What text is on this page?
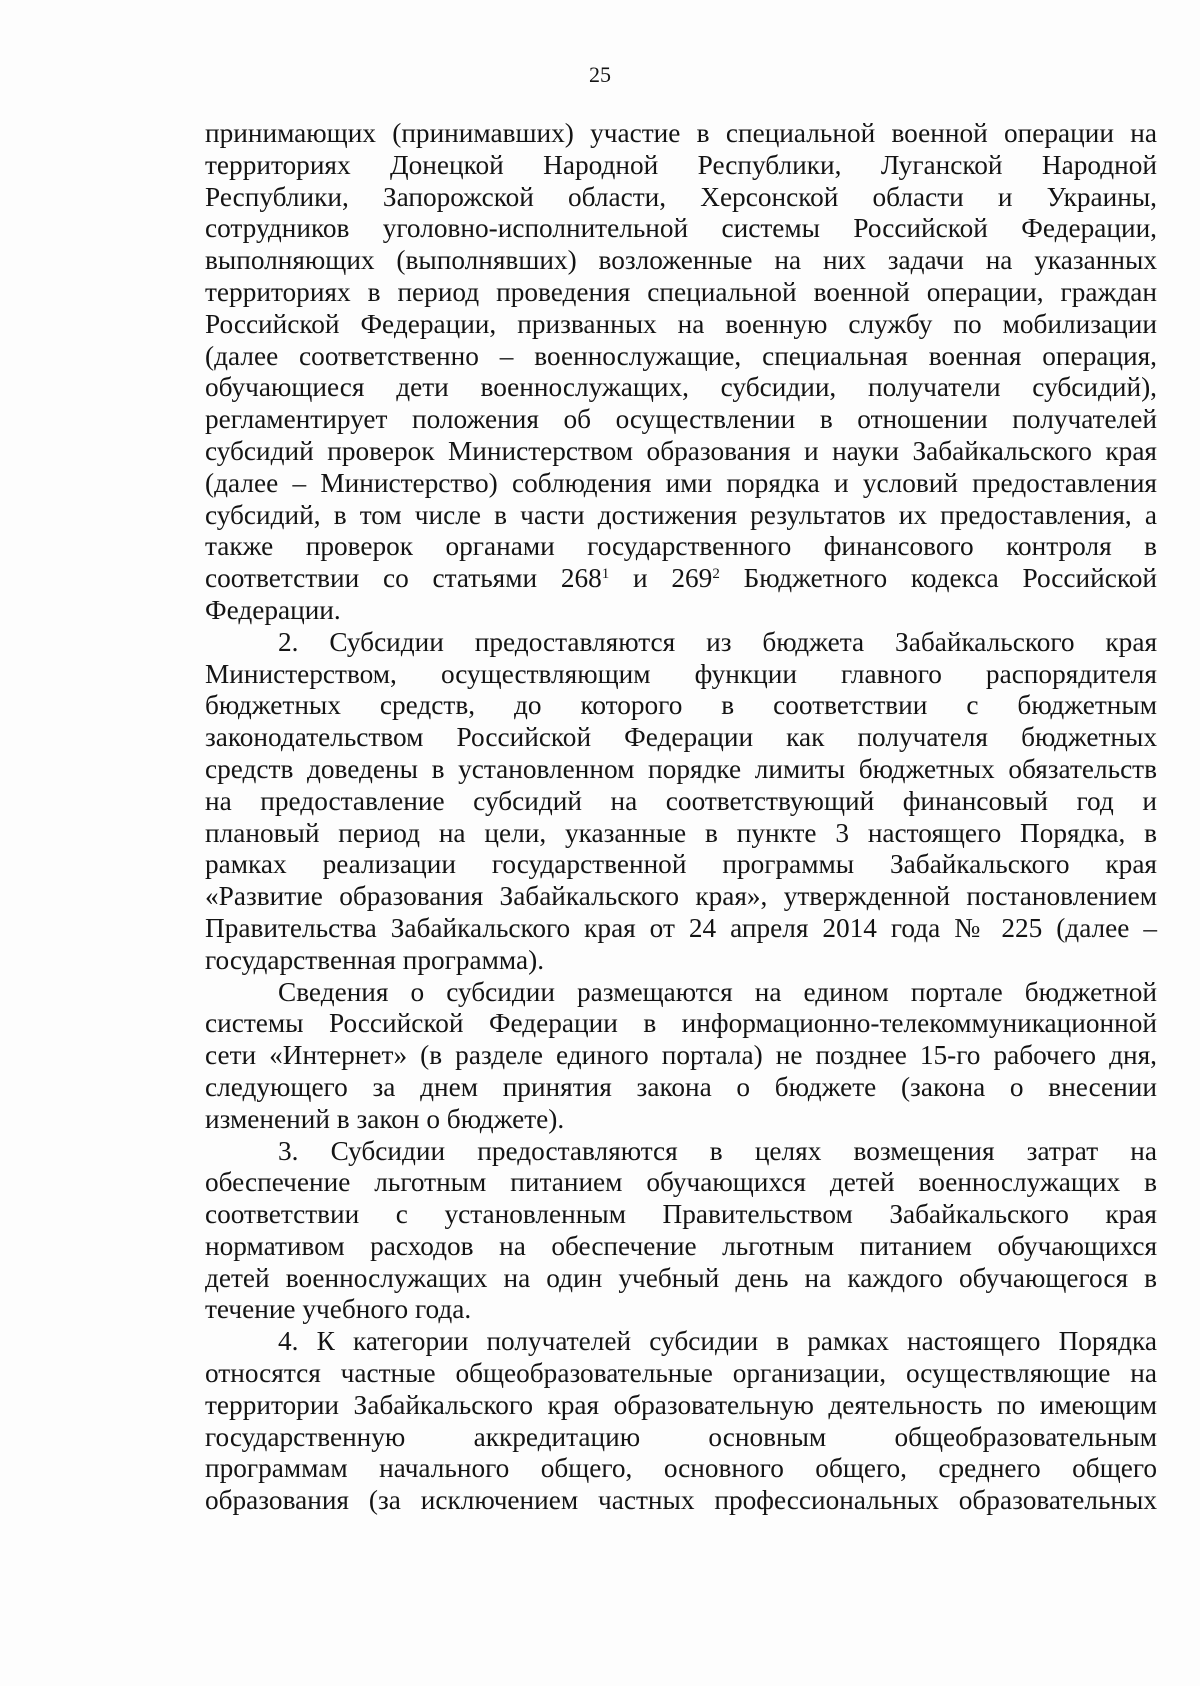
25

принимающих (принимавших) участие в специальной военной операции на

территориях Донецкой Народной Республики, Луганской Народной

Республики, Запорожской области, Херсонской области и Украины,

сотрудников уголовно-исполнительной системы Российской Федерации,

выполняющих (выполнявших) возложенные на них задачи на указанных

территориях в период проведения специальной военной операции, граждан

Российской Федерации, призванных на военную службу по мобилизации

(далее соответственно – военнослужащие, специальная военная операция,

обучающиеся дети военнослужащих, субсидии, получатели субсидий),

регламентирует положения об осуществлении в отношении получателей

субсидий проверок Министерством образования и науки Забайкальского края

(далее – Министерство) соблюдения ими порядка и условий предоставления

субсидий, в том числе в части достижения результатов их предоставления, а

также проверок органами государственного финансового контроля в

соответствии со статьями $268^1$ и $269^2$ Бюджетного кодекса Российской

Федерации.

2. Субсидии предоставляются из бюджета Забайкальского края

Министерством, осуществляющим функции главного распорядителя

бюджетных средств, до которого в соответствии с бюджетным

законодательством Российской Федерации как получателя бюджетных

средств доведены в установленном порядке лимиты бюджетных обязательств

на предоставление субсидий на соответствующий финансовый год и

плановый период на цели, указанные в пункте 3 настоящего Порядка, в

рамках реализации государственной программы Забайкальского края

«Развитие образования Забайкальского края», утвержденной постановлением

Правительства Забайкальского края от 24 апреля 2014 года № 225 (далее –

государственная программа).

Сведения о субсидии размещаются на едином портале бюджетной

системы Российской Федерации в информационно-телекоммуникационной

сети «Интернет» (в разделе единого портала) не позднее 15-го рабочего дня,

следующего за днем принятия закона о бюджете (закона о внесении

изменений в закон о бюджете).

3. Субсидии предоставляются в целях возмещения затрат на

обеспечение льготным питанием обучающихся детей военнослужащих в

соответствии с установленным Правительством Забайкальского края

нормативом расходов на обеспечение льготным питанием обучающихся

детей военнослужащих на один учебный день на каждого обучающегося в

течение учебного года.

4. К категории получателей субсидии в рамках настоящего Порядка

относятся частные общеобразовательные организации, осуществляющие на

территории Забайкальского края образовательную деятельность по имеющим

государственную аккредитацию основным общеобразовательным

программам начального общего, основного общего, среднего общего

образования (за исключением частных профессиональных образовательных
